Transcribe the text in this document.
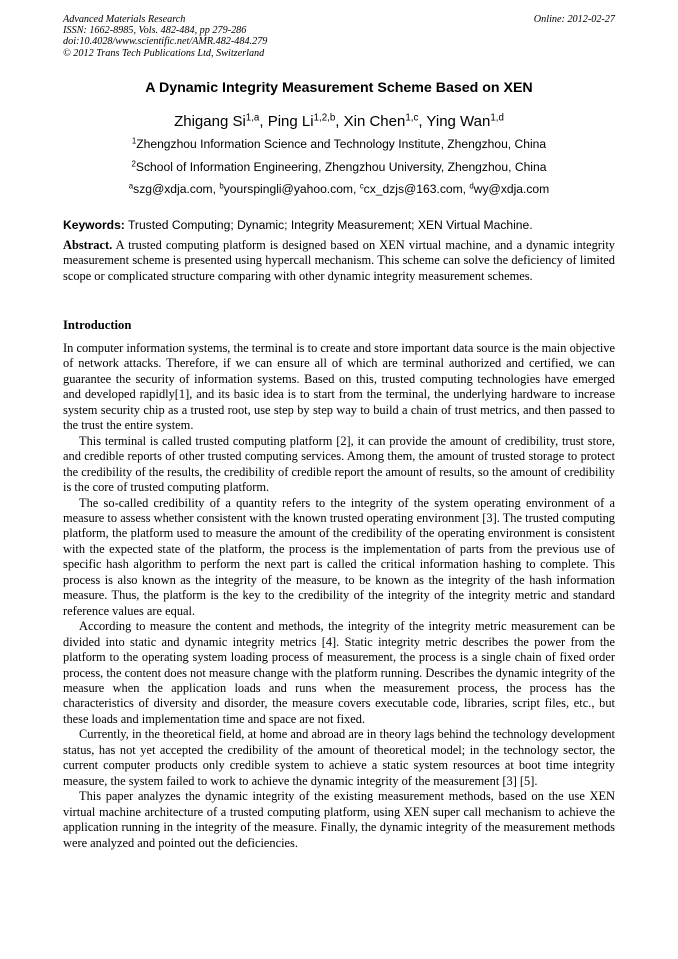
Advanced Materials Research
ISSN: 1662-8985, Vols. 482-484, pp 279-286
doi:10.4028/www.scientific.net/AMR.482-484.279
© 2012 Trans Tech Publications Ltd, Switzerland
Online: 2012-02-27
A Dynamic Integrity Measurement Scheme Based on XEN
Zhigang Si$^{1,a}$, Ping Li$^{1,2,b}$, Xin Chen$^{1,c}$, Ying Wan$^{1,d}$
$^1$Zhengzhou Information Science and Technology Institute, Zhengzhou, China
$^2$School of Information Engineering, Zhengzhou University, Zhengzhou, China
$^a$szg@xdja.com, $^b$yourspingli@yahoo.com, $^c$cx_dzjs@163.com, $^d$wy@xdja.com
Keywords: Trusted Computing; Dynamic; Integrity Measurement; XEN Virtual Machine.
Abstract. A trusted computing platform is designed based on XEN virtual machine, and a dynamic integrity measurement scheme is presented using hypercall mechanism. This scheme can solve the deficiency of limited scope or complicated structure comparing with other dynamic integrity measurement schemes.
Introduction

In computer information systems, the terminal is to create and store important data source is the main objective of network attacks. Therefore, if we can ensure all of which are terminal authorized and certified, we can guarantee the security of information systems. Based on this, trusted computing technologies have emerged and developed rapidly[1], and its basic idea is to start from the terminal, the underlying hardware to increase system security chip as a trusted root, use step by step way to build a chain of trust metrics, and then passed to the trust the entire system.

This terminal is called trusted computing platform [2], it can provide the amount of credibility, trust store, and credible reports of other trusted computing services. Among them, the amount of trusted storage to protect the credibility of the results, the credibility of credible report the amount of results, so the amount of credibility is the core of trusted computing platform.

The so-called credibility of a quantity refers to the integrity of the system operating environment of a measure to assess whether consistent with the known trusted operating environment [3]. The trusted computing platform, the platform used to measure the amount of the credibility of the operating environment is consistent with the expected state of the platform, the process is the implementation of parts from the previous use of specific hash algorithm to perform the next part is called the critical information hashing to complete. This process is also known as the integrity of the measure, to be known as the integrity of the hash information measure. Thus, the platform is the key to the credibility of the integrity of the integrity metric and standard reference values are equal.

According to measure the content and methods, the integrity of the integrity metric measurement can be divided into static and dynamic integrity metrics [4]. Static integrity metric describes the power from the platform to the operating system loading process of measurement, the process is a single chain of fixed order process, the content does not measure change with the platform running. Describes the dynamic integrity of the measure when the application loads and runs when the measurement process, the process has the characteristics of diversity and disorder, the measure covers executable code, libraries, script files, etc., but these loads and implementation time and space are not fixed.

Currently, in the theoretical field, at home and abroad are in theory lags behind the technology development status, has not yet accepted the credibility of the amount of theoretical model; in the technology sector, the current computer products only credible system to achieve a static system resources at boot time integrity measure, the system failed to work to achieve the dynamic integrity of the measurement [3] [5].

This paper analyzes the dynamic integrity of the existing measurement methods, based on the use XEN virtual machine architecture of a trusted computing platform, using XEN super call mechanism to achieve the application running in the integrity of the measure. Finally, the dynamic integrity of the measurement methods were analyzed and pointed out the deficiencies.
